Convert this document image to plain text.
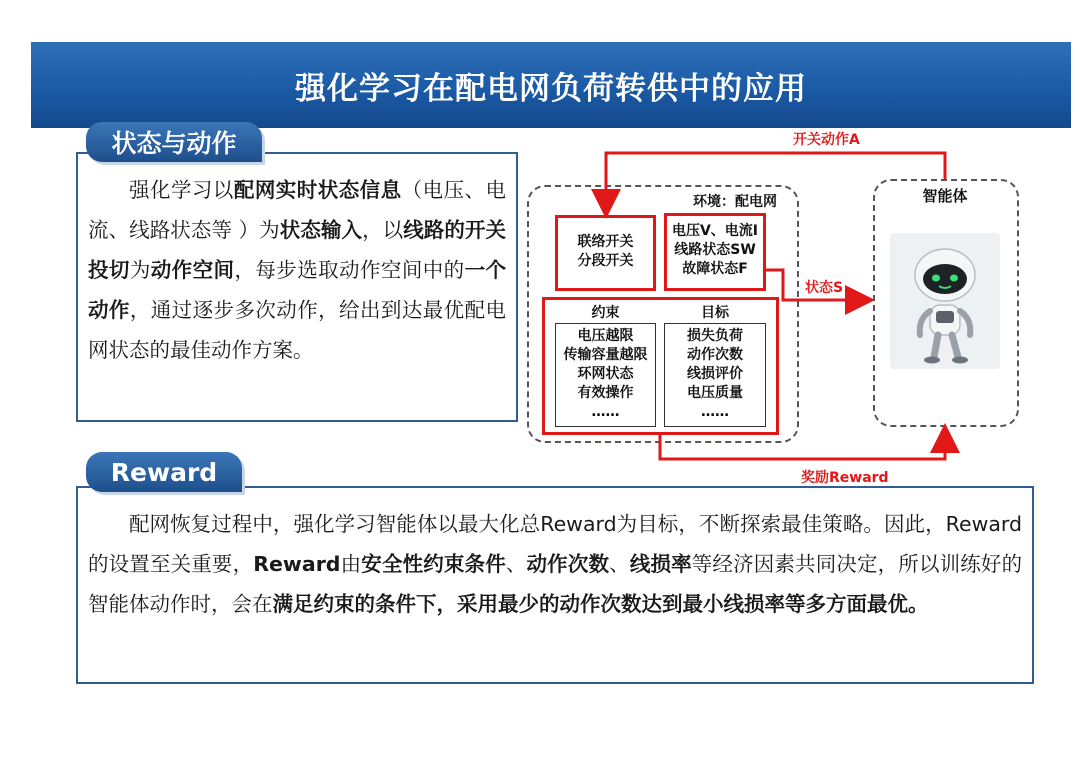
强化学习在配电网负荷转供中的应用
强化学习以配网实时状态信息（电压、电流、线路状态等 ）为状态输入，以线路的开关投切为动作空间，每步选取动作空间中的一个动作，通过逐步多次动作，给出到达最优配电网状态的最佳动作方案。
状态与动作
配网恢复过程中，强化学习智能体以最大化总Reward为目标，不断探索最佳策略。因此，Reward的设置至关重要，Reward由安全性约束条件、动作次数、线损率等经济因素共同决定，所以训练好的智能体动作时，会在满足约束的条件下，采用最少的动作次数达到最小线损率等多方面最优。
Reward
环境：配电网	智能体
联络开关
分段开关
电压V、电流I
线路状态SW
故障状态F
约束	目标
电压越限
传输容量越限
环网状态
有效操作
……
损失负荷
动作次数
线损评价
电压质量
……
开关动作A
状态S
奖励Reward
